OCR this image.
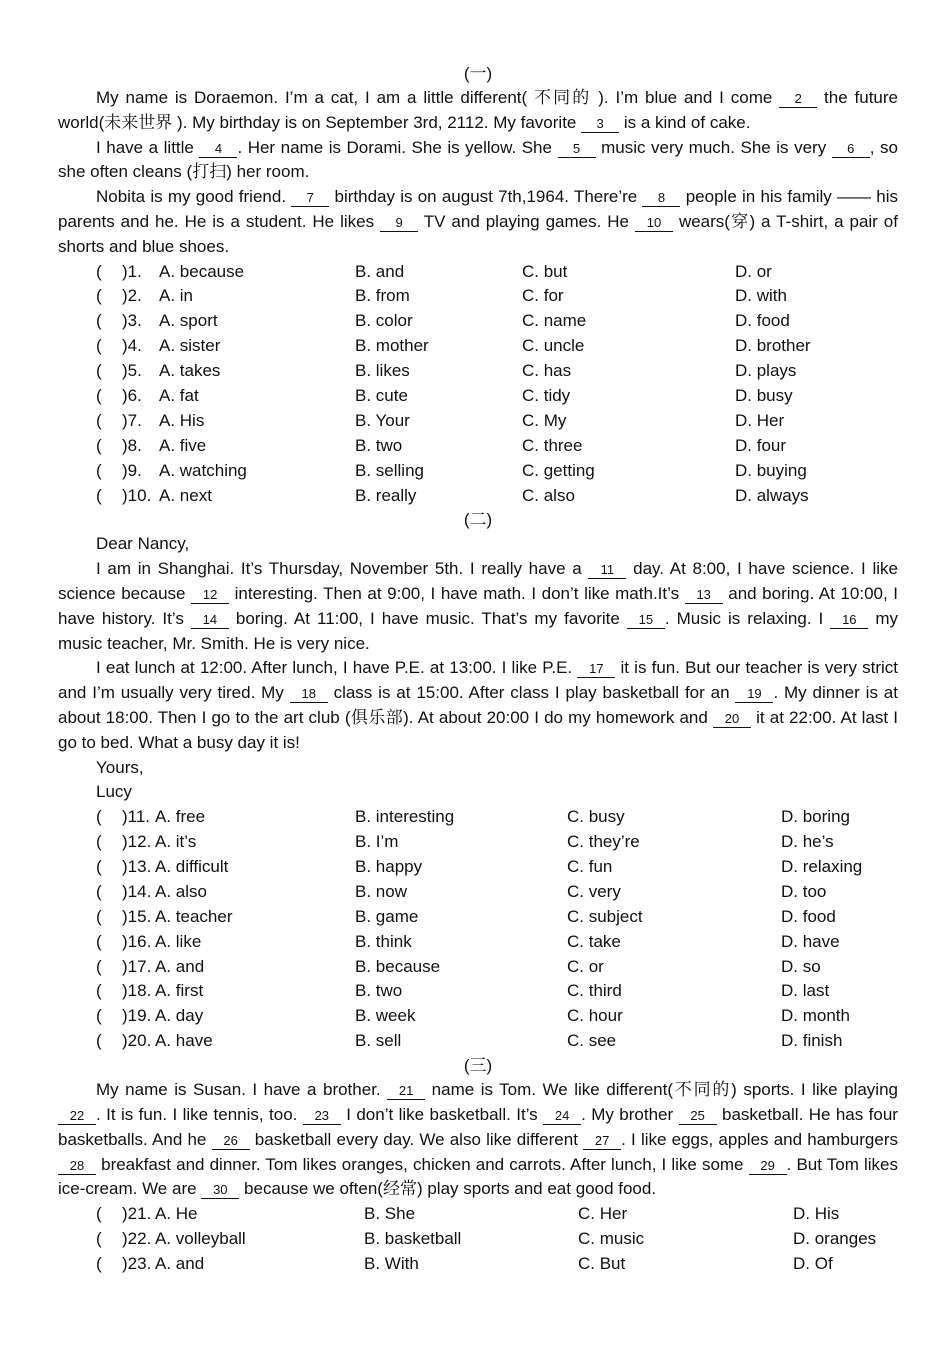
(一)

My name is Doraemon. I’m a cat, I am a little different( 不同的 ). I’m blue and I come 2 the future world(未来世界 ). My birthday is on September 3rd, 2112. My favorite 3 is a kind of cake.

I have a little 4 . Her name is Dorami. She is yellow. She 5 music very much. She is very 6 , so she often cleans (打扫) her room.

Nobita is my good friend. 7 birthday is on august 7th,1964. There’re 8 people in his family —— his parents and he. He is a student. He likes 9 TV and playing games. He 10 wears(穿) a T-shirt, a pair of shorts and blue shoes.

( )1. A. because	B. and	C. but	D. or
( )2. A. in	B. from	C. for	D. with
( )3. A. sport	B. color	C. name	D. food
( )4. A. sister	B. mother	C. uncle	D. brother
( )5. A. takes	B. likes	C. has	D. plays
( )6. A. fat	B. cute	C. tidy	D. busy
( )7. A. His	B. Your	C. My	D. Her
( )8. A. five	B. two	C. three	D. four
( )9. A. watching	B. selling	C. getting	D. buying
( )10. A. next	B. really	C. also	D. always
(二)

Dear Nancy,

I am in Shanghai. It’s Thursday, November 5th. I really have a 11 day. At 8:00, I have science. I like science because 12 interesting. Then at 9:00, I have math. I don’t like math.It’s 13 and boring. At 10:00, I have history. It’s 14 boring. At 11:00, I have music. That’s my favorite 15 . Music is relaxing. I 16 my music teacher, Mr. Smith. He is very nice.

I eat lunch at 12:00. After lunch, I have P.E. at 13:00. I like P.E. 17 it is fun. But our teacher is very strict and I’m usually very tired. My 18 class is at 15:00. After class I play basketball for an 19 . My dinner is at about 18:00. Then I go to the art club (俱乐部). At about 20:00 I do my homework and 20 it at 22:00. At last I go to bed. What a busy day it is!

Yours,

Lucy

( )11. A. free	B. interesting	C. busy	D. boring
( )12. A. it’s	B. I’m	C. they’re	D. he’s
( )13. A. difficult	B. happy	C. fun	D. relaxing
( )14. A. also	B. now	C. very	D. too
( )15. A. teacher	B. game	C. subject	D. food
( )16. A. like	B. think	C. take	D. have
( )17. A. and	B. because	C. or	D. so
( )18. A. first	B. two	C. third	D. last
( )19. A. day	B. week	C. hour	D. month
( )20. A. have	B. sell	C. see	D. finish
(三)

My name is Susan. I have a brother. 21 name is Tom. We like different(不同的) sports. I like playing 22 . It is fun. I like tennis, too. 23 I don’t like basketball. It’s 24 . My brother 25 basketball. He has four basketballs. And he 26 basketball every day. We also like different 27 . I like eggs, apples and hamburgers 28 breakfast and dinner. Tom likes oranges, chicken and carrots. After lunch, I like some 29 . But Tom likes ice-cream. We are 30 because we often(经常) play sports and eat good food.

( )21. A. He	B. She	C. Her	D. His
( )22. A. volleyball	B. basketball	C. music	D. oranges
( )23. A. and	B. With	C. But	D. Of
